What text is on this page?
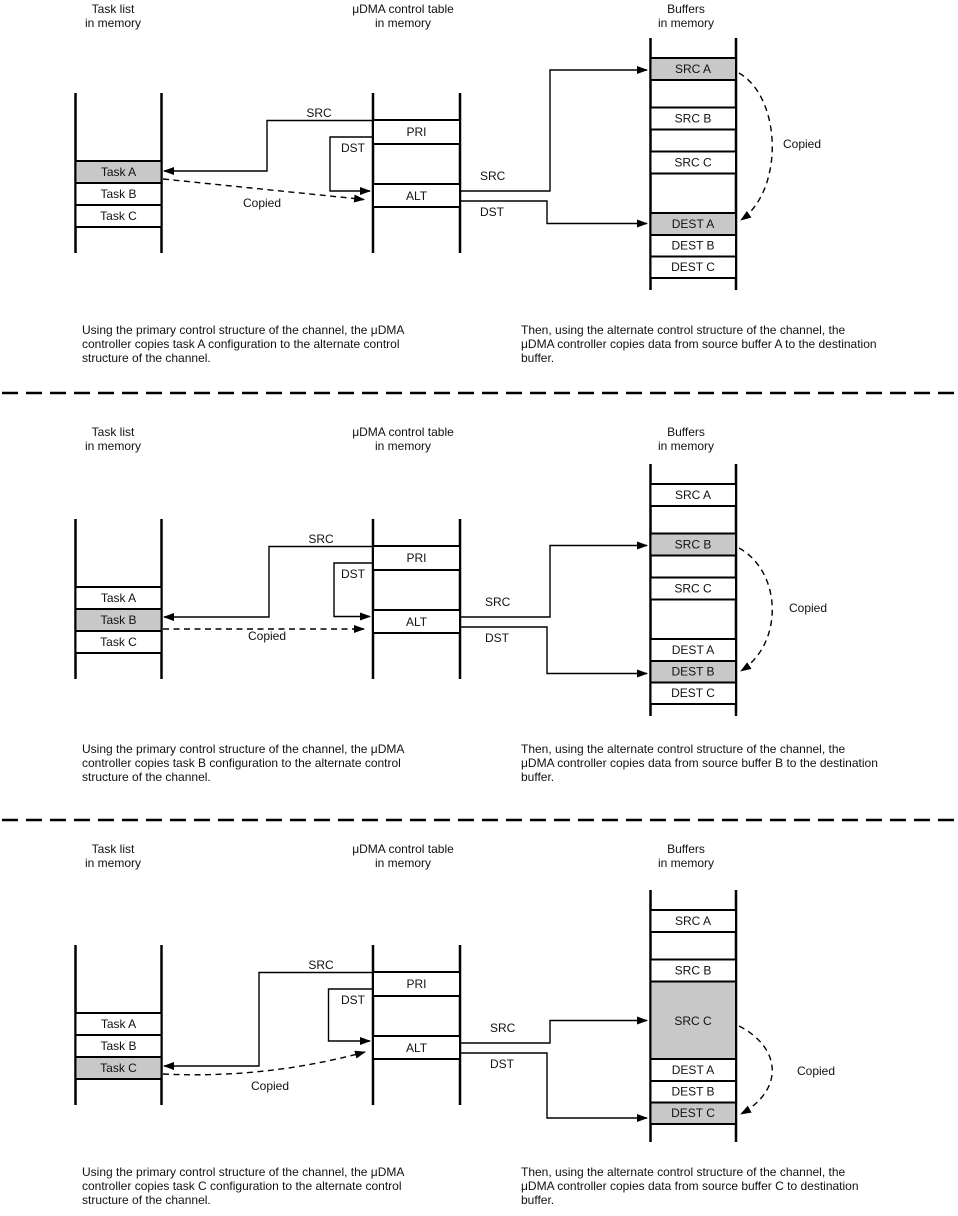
Task list
in memory
μDMA control table
in memory
Buffers
in memory
Task A
Task B
Task C
PRI
ALT
SRC
DST
Copied
SRC
DST
SRC A
SRC B
SRC C
DEST A
DEST B
DEST C
Copied
Using the primary control structure of the channel, the μDMA
controller copies task A configuration to the alternate control
structure of the channel.
Then, using the alternate control structure of the channel, the
μDMA controller copies data from source buffer A to the destination
buffer.
Task list
in memory
μDMA control table
in memory
Buffers
in memory
Task A
Task B
Task C
PRI
ALT
SRC
DST
Copied
SRC
DST
SRC A
SRC B
SRC C
DEST A
DEST B
DEST C
Copied
Using the primary control structure of the channel, the μDMA
controller copies task B configuration to the alternate control
structure of the channel.
Then, using the alternate control structure of the channel, the
μDMA controller copies data from source buffer B to the destination
buffer.
Task list
in memory
μDMA control table
in memory
Buffers
in memory
Task A
Task B
Task C
PRI
ALT
SRC
DST
Copied
SRC
DST
SRC A
SRC B
SRC C
DEST A
DEST B
DEST C
Copied
Using the primary control structure of the channel, the μDMA
controller copies task C configuration to the alternate control
structure of the channel.
Then, using the alternate control structure of the channel, the
μDMA controller copies data from source buffer C to destination
buffer.
